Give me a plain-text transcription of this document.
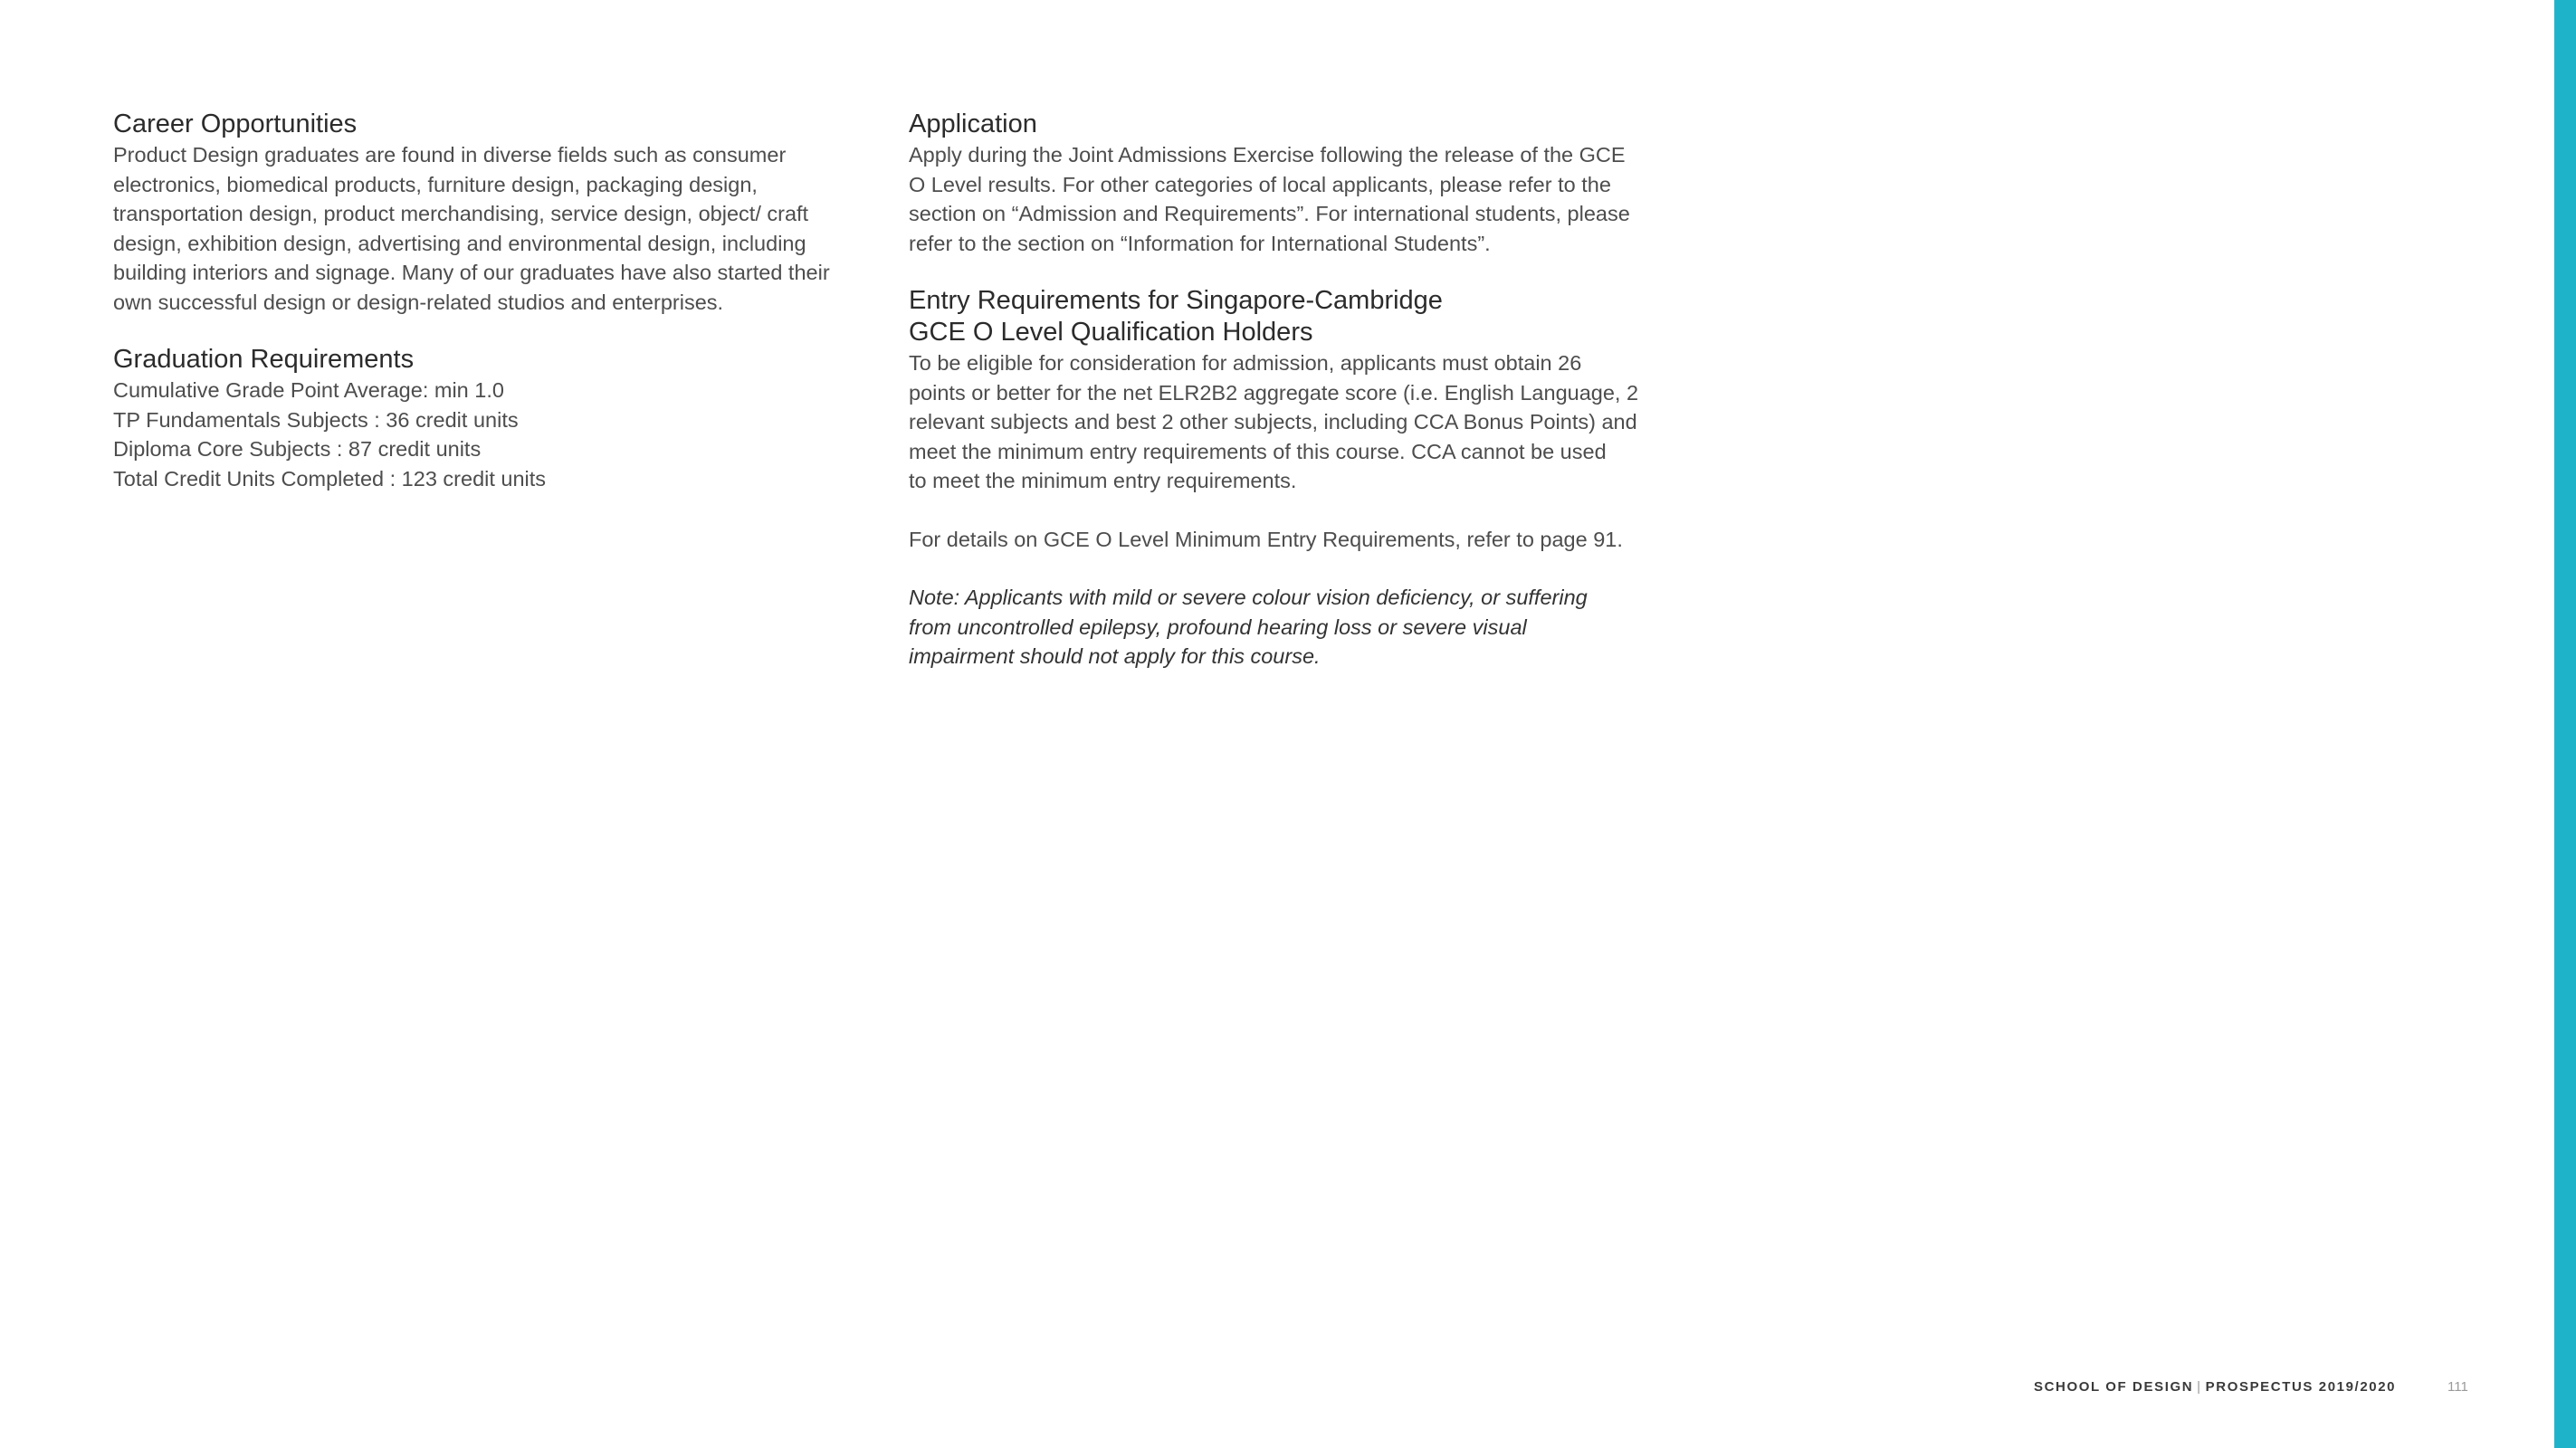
Career Opportunities

Product Design graduates are found in diverse fields such as consumer
electronics, biomedical products, furniture design, packaging design,
transportation design, product merchandising, service design, object/ craft
design, exhibition design, advertising and environmental design, including
building interiors and signage. Many of our graduates have also started their
own successful design or design-related studios and enterprises.

Graduation Requirements

Cumulative Grade Point Average: min 1.0
TP Fundamentals Subjects : 36 credit units
Diploma Core Subjects : 87 credit units
Total Credit Units Completed : 123 credit units

Application

Apply during the Joint Admissions Exercise following the release of the GCE
O Level results. For other categories of local applicants, please refer to the
section on “Admission and Requirements”. For international students, please
refer to the section on “Information for International Students”.

Entry Requirements for Singapore-Cambridge
GCE O Level Qualification Holders

To be eligible for consideration for admission, applicants must obtain 26
points or better for the net ELR2B2 aggregate score (i.e. English Language, 2
relevant subjects and best 2 other subjects, including CCA Bonus Points) and
meet the minimum entry requirements of this course. CCA cannot be used
to meet the minimum entry requirements.

For details on GCE O Level Minimum Entry Requirements, refer to page 91.

Note: Applicants with mild or severe colour vision deficiency, or suffering
from uncontrolled epilepsy, profound hearing loss or severe visual
impairment should not apply for this course.

SCHOOL OF DESIGN | PROSPECTUS 2019/2020	111
